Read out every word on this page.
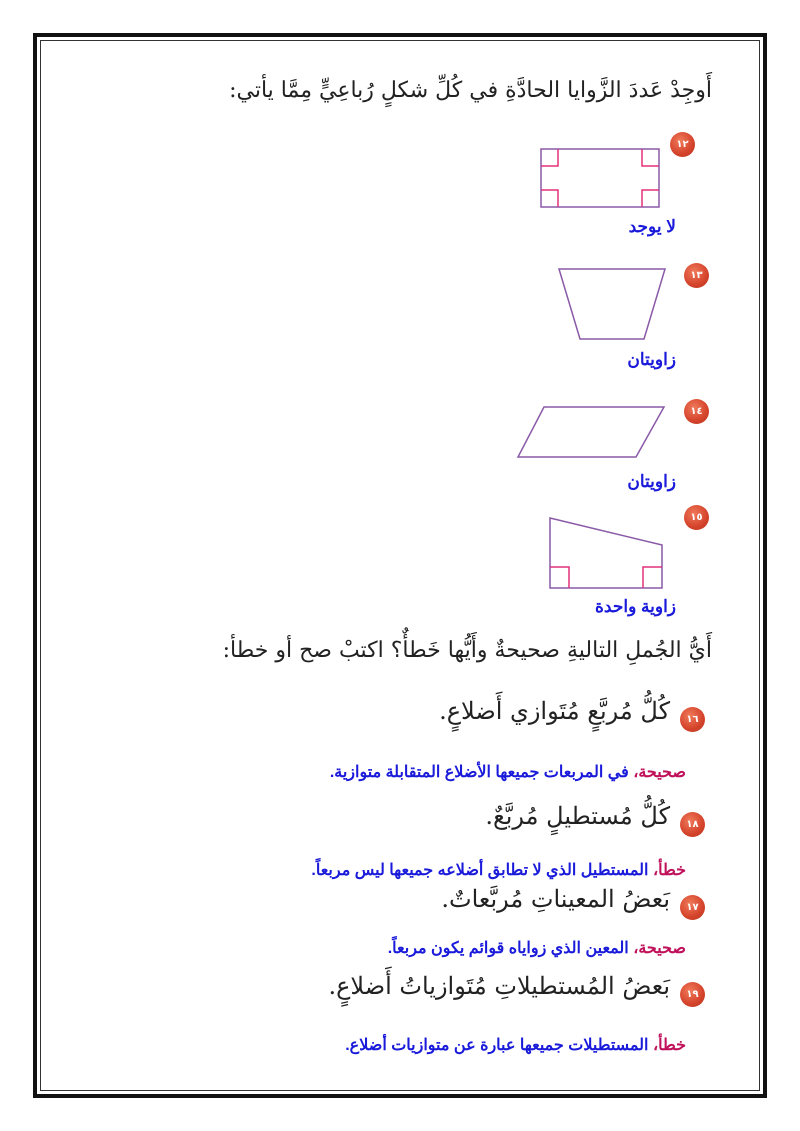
أَوجِدْ عَددَ الزَّوايا الحادَّةِ في كُلِّ شكلٍ رُباعِيٍّ مِمَّا يأتي:
١٢
لا يوجد
١٣
زاويتان
١٤
زاويتان
١٥
زاوية واحدة
أَيُّ الجُملِ التاليةِ صحيحةٌ وأَيُّها خَطأٌ؟ اكتبْ صح أو خطأ:
١٦
كُلُّ مُربَّعٍ مُتَوازي أَضلاعٍ.
صحيحة، في المربعات جميعها الأضلاع المتقابلة متوازية.
١٨
كُلُّ مُستطيلٍ مُربَّعٌ.
خطأ، المستطيل الذي لا تطابق أضلاعه جميعها ليس مربعاً.
١٧
بَعضُ المعيناتِ مُربَّعاتٌ.
صحيحة، المعين الذي زواياه قوائم يكون مربعاً.
١٩
بَعضُ المُستطيلاتِ مُتَوازياتُ أَضلاعٍ.
خطأ، المستطيلات جميعها عبارة عن متوازيات أضلاع.
